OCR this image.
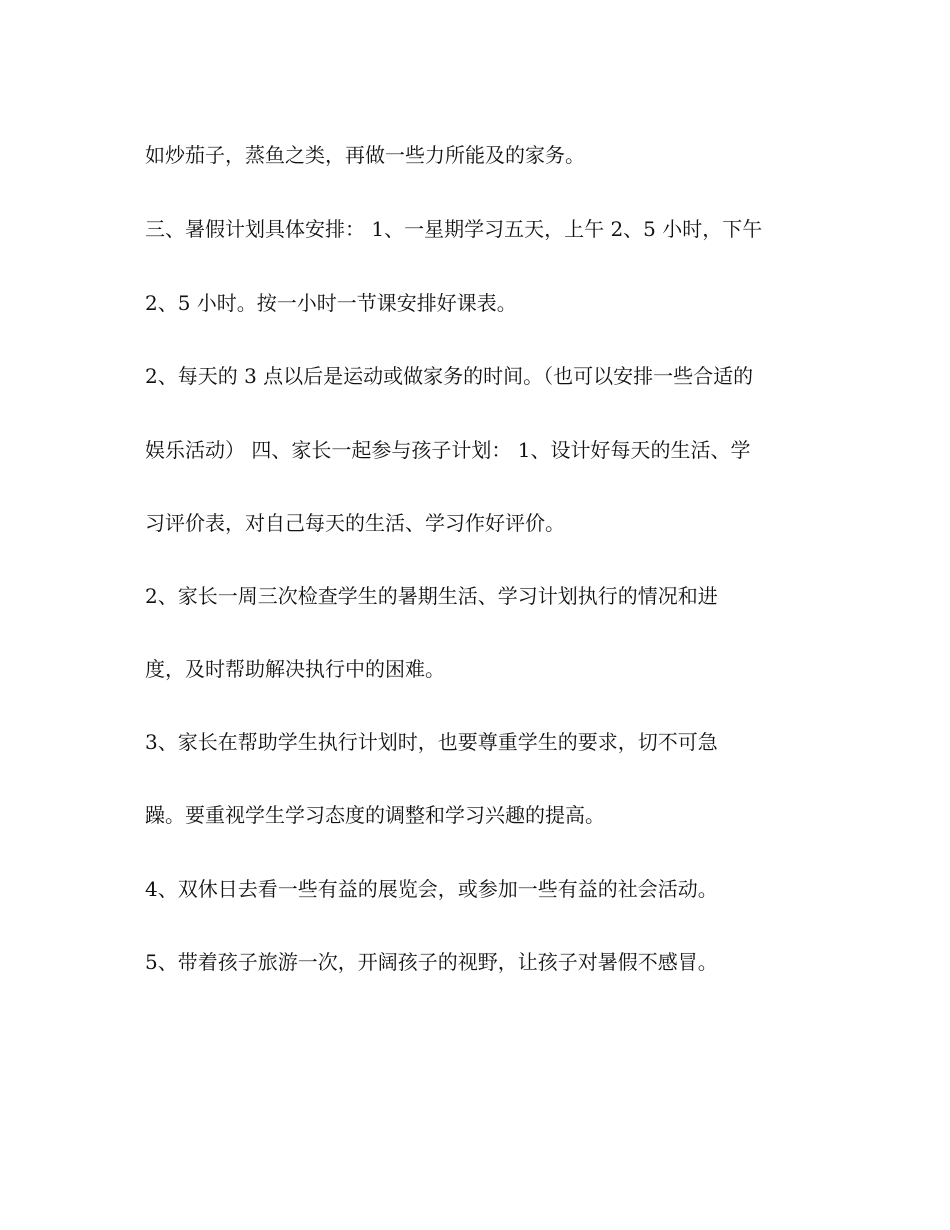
如炒茄子，蒸鱼之类，再做一些力所能及的家务。

三、暑假计划具体安排： 1、一星期学习五天，上午 2、5 小时，下午

2、5 小时。按一小时一节课安排好课表。

2、每天的 3 点以后是运动或做家务的时间。（也可以安排一些合适的

娱乐活动） 四、家长一起参与孩子计划： 1、设计好每天的生活、学

习评价表，对自己每天的生活、学习作好评价。

2、家长一周三次检查学生的暑期生活、学习计划执行的情况和进

度，及时帮助解决执行中的困难。

3、家长在帮助学生执行计划时，也要尊重学生的要求，切不可急

躁。要重视学生学习态度的调整和学习兴趣的提高。

4、双休日去看一些有益的展览会，或参加一些有益的社会活动。

5、带着孩子旅游一次，开阔孩子的视野，让孩子对暑假不感冒。
